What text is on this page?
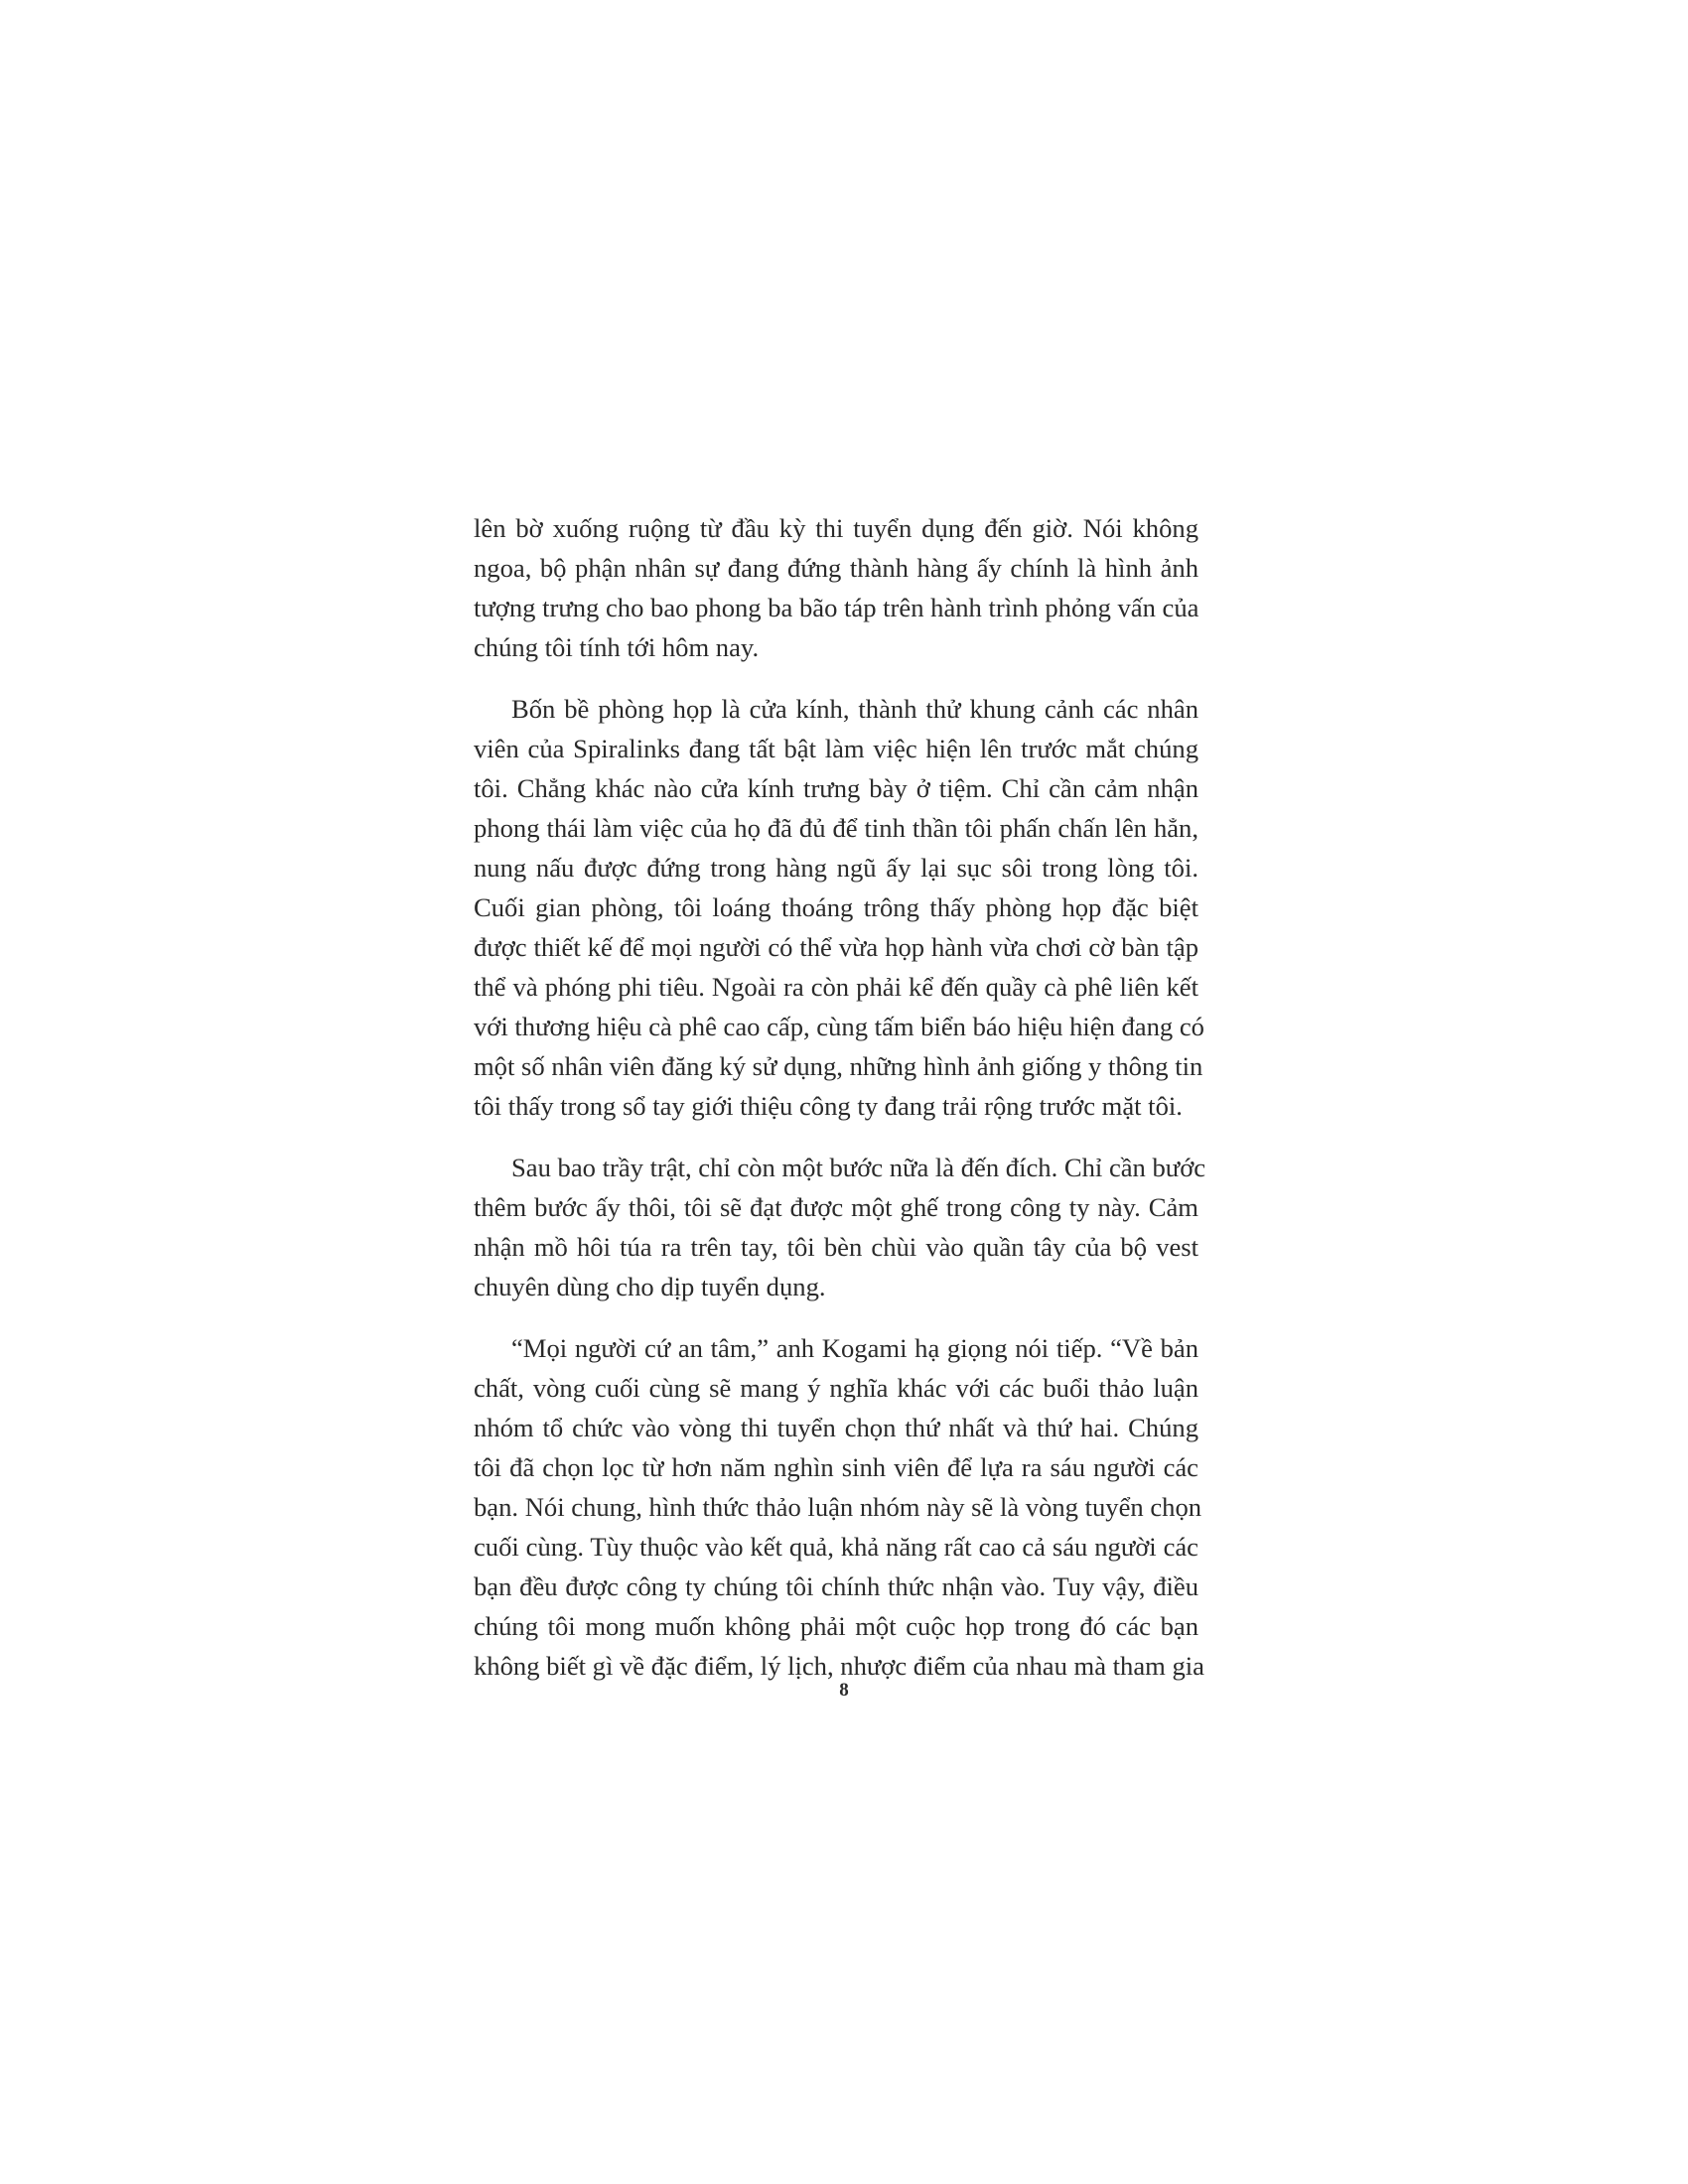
lên bờ xuống ruộng từ đầu kỳ thi tuyển dụng đến giờ. Nói không
ngoa, bộ phận nhân sự đang đứng thành hàng ấy chính là hình ảnh
tượng trưng cho bao phong ba bão táp trên hành trình phỏng vấn của
chúng tôi tính tới hôm nay.
Bốn bề phòng họp là cửa kính, thành thử khung cảnh các nhân
viên của Spiralinks đang tất bật làm việc hiện lên trước mắt chúng
tôi. Chẳng khác nào cửa kính trưng bày ở tiệm. Chỉ cần cảm nhận
phong thái làm việc của họ đã đủ để tinh thần tôi phấn chấn lên hẳn,
nung nấu được đứng trong hàng ngũ ấy lại sục sôi trong lòng tôi.
Cuối gian phòng, tôi loáng thoáng trông thấy phòng họp đặc biệt
được thiết kế để mọi người có thể vừa họp hành vừa chơi cờ bàn tập
thể và phóng phi tiêu. Ngoài ra còn phải kể đến quầy cà phê liên kết
với thương hiệu cà phê cao cấp, cùng tấm biển báo hiệu hiện đang có
một số nhân viên đăng ký sử dụng, những hình ảnh giống y thông tin
tôi thấy trong sổ tay giới thiệu công ty đang trải rộng trước mặt tôi.
Sau bao trầy trật, chỉ còn một bước nữa là đến đích. Chỉ cần bước
thêm bước ấy thôi, tôi sẽ đạt được một ghế trong công ty này. Cảm
nhận mồ hôi túa ra trên tay, tôi bèn chùi vào quần tây của bộ vest
chuyên dùng cho dịp tuyển dụng.
“Mọi người cứ an tâm,” anh Kogami hạ giọng nói tiếp. “Về bản
chất, vòng cuối cùng sẽ mang ý nghĩa khác với các buổi thảo luận
nhóm tổ chức vào vòng thi tuyển chọn thứ nhất và thứ hai. Chúng
tôi đã chọn lọc từ hơn năm nghìn sinh viên để lựa ra sáu người các
bạn. Nói chung, hình thức thảo luận nhóm này sẽ là vòng tuyển chọn
cuối cùng. Tùy thuộc vào kết quả, khả năng rất cao cả sáu người các
bạn đều được công ty chúng tôi chính thức nhận vào. Tuy vậy, điều
chúng tôi mong muốn không phải một cuộc họp trong đó các bạn
không biết gì về đặc điểm, lý lịch, nhược điểm của nhau mà tham gia
8
